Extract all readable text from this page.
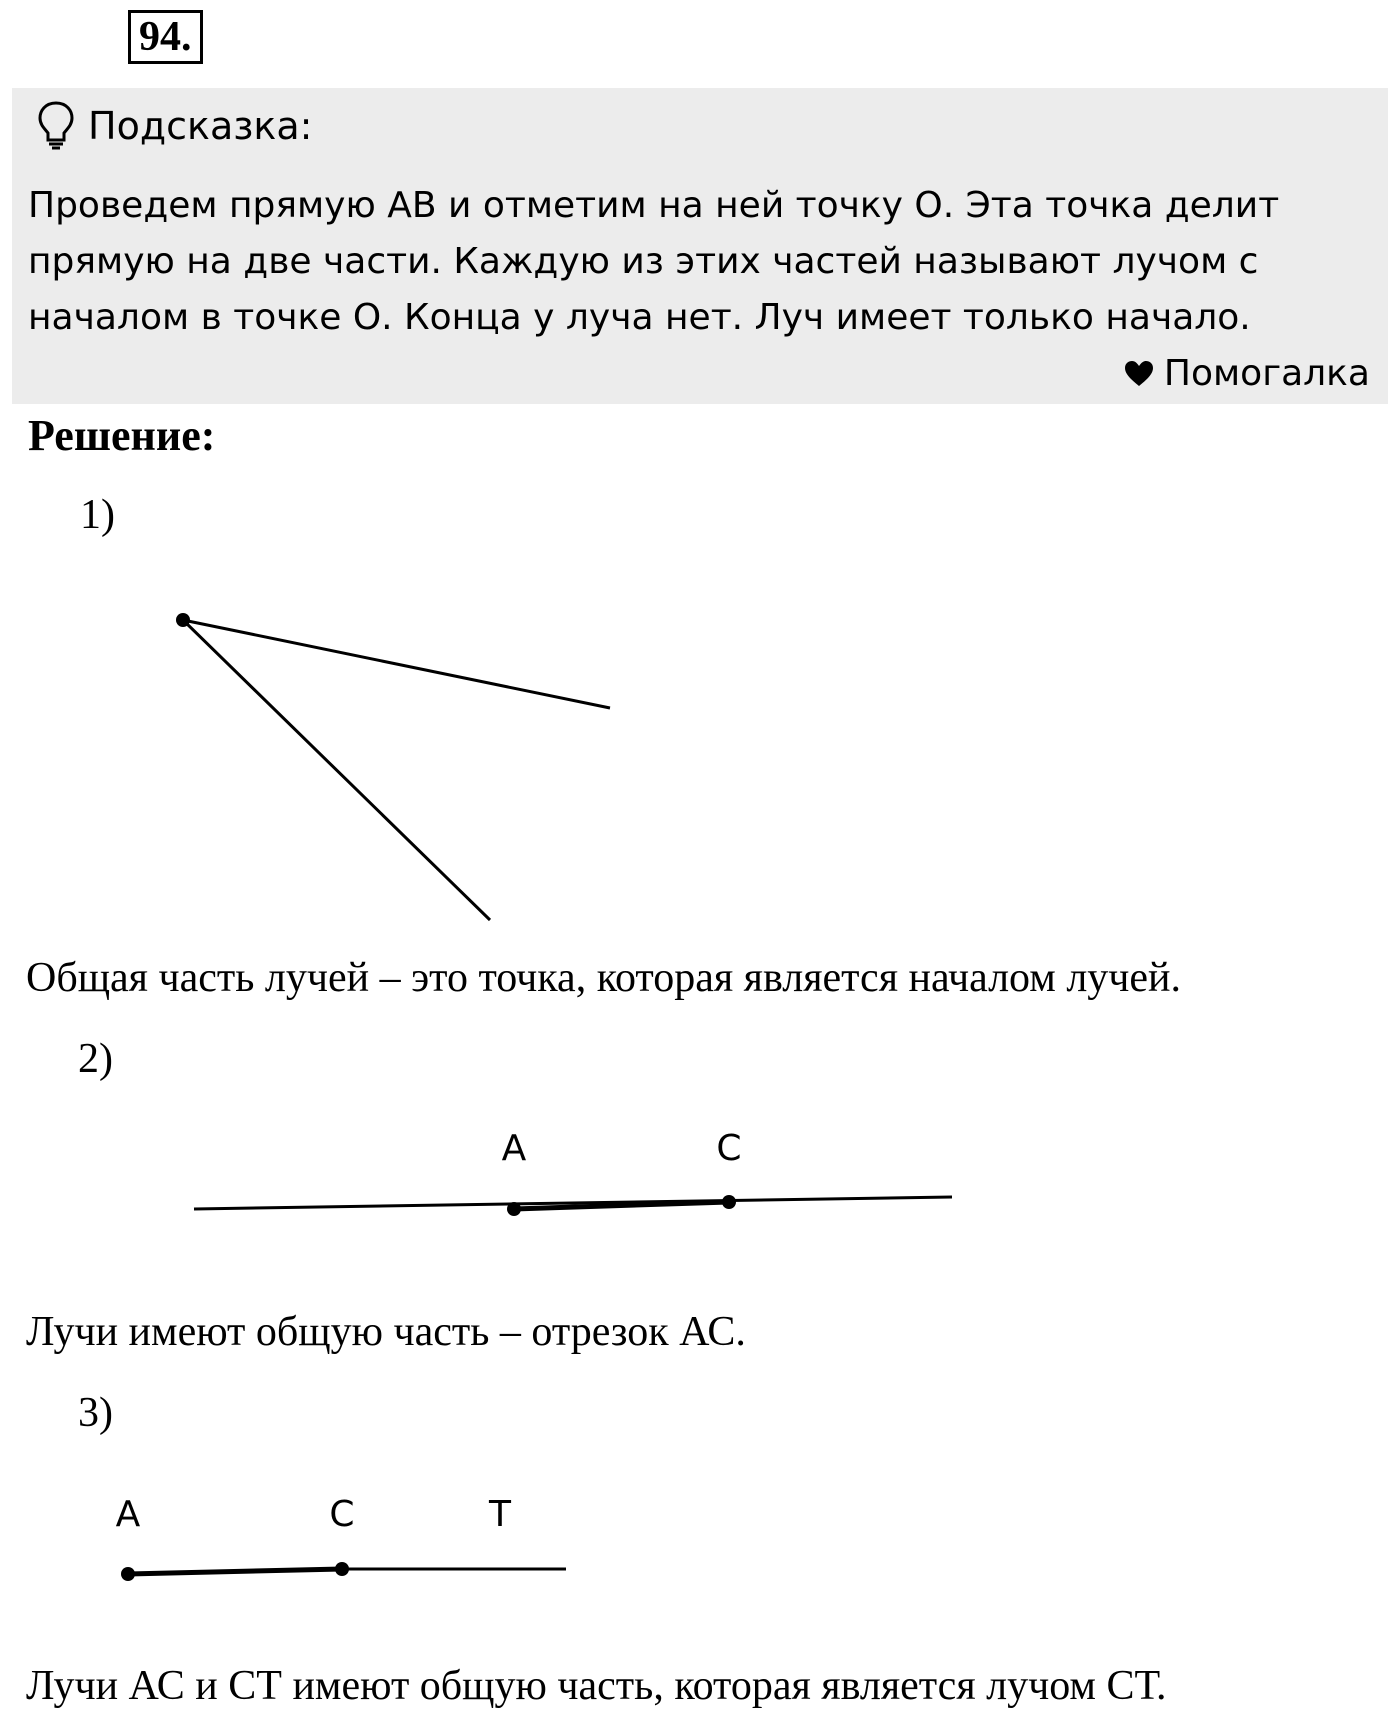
94.
Подсказка:
Проведем прямую AB и отметим на ней точку О. Эта точка делит
прямую на две части. Каждую из этих частей называют лучом с
началом в точке О. Конца у луча нет. Луч имеет только начало.
Помогалка
Решение:
1)
Общая часть лучей – это точка, которая является началом лучей.
2)
A	C
Лучи имеют общую часть – отрезок АС.
3)
A	C	T
Лучи АС и СТ имеют общую часть, которая является лучом СТ.
